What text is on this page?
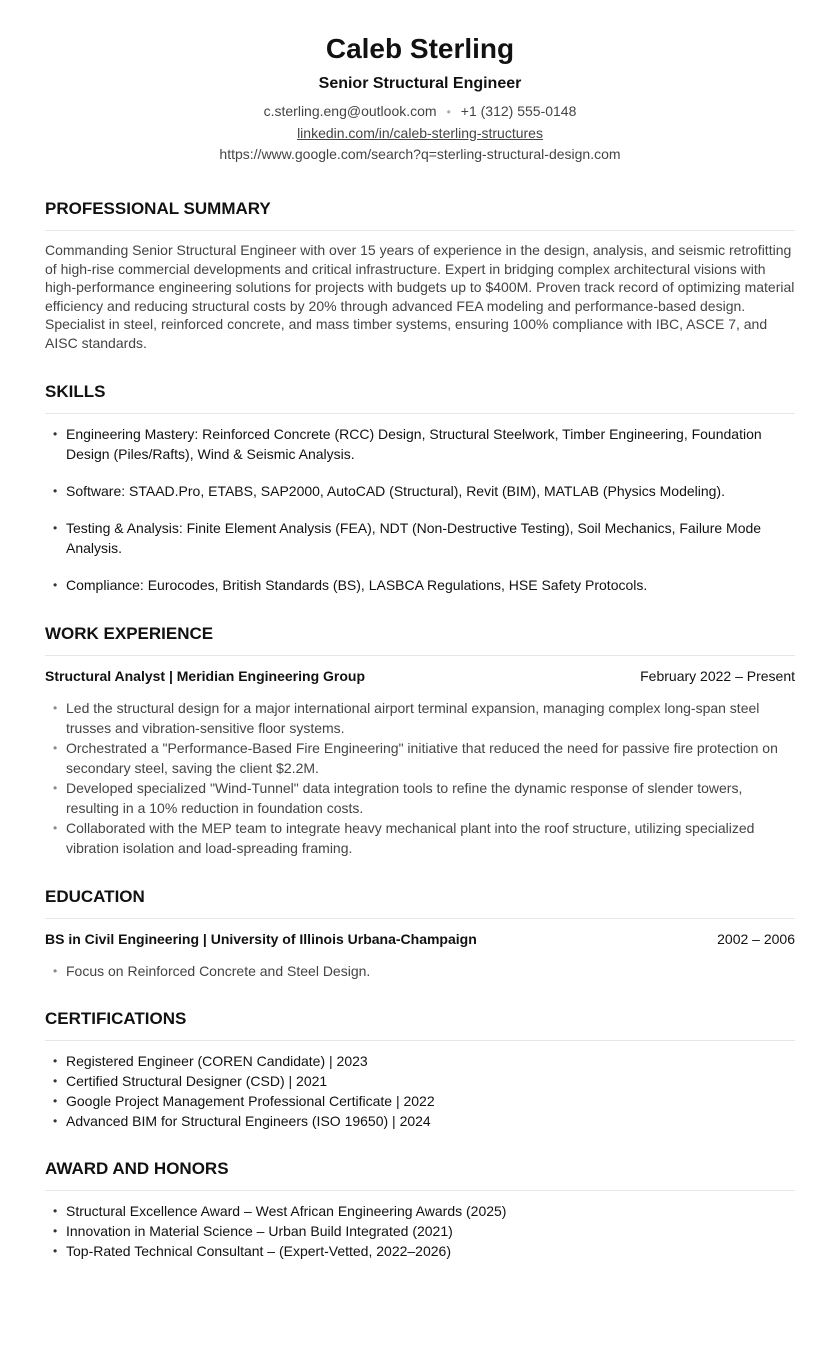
Caleb Sterling
Senior Structural Engineer
c.sterling.eng@outlook.com • +1 (312) 555-0148
linkedin.com/in/caleb-sterling-structures
https://www.google.com/search?q=sterling-structural-design.com
PROFESSIONAL SUMMARY

Commanding Senior Structural Engineer with over 15 years of experience in the design, analysis, and seismic retrofitting of high-rise commercial developments and critical infrastructure. Expert in bridging complex architectural visions with high-performance engineering solutions for projects with budgets up to $400M. Proven track record of optimizing material efficiency and reducing structural costs by 20% through advanced FEA modeling and performance-based design. Specialist in steel, reinforced concrete, and mass timber systems, ensuring 100% compliance with IBC, ASCE 7, and AISC standards.

SKILLS
• Engineering Mastery: Reinforced Concrete (RCC) Design, Structural Steelwork, Timber Engineering, Foundation Design (Piles/Rafts), Wind & Seismic Analysis.
• Software: STAAD.Pro, ETABS, SAP2000, AutoCAD (Structural), Revit (BIM), MATLAB (Physics Modeling).
• Testing & Analysis: Finite Element Analysis (FEA), NDT (Non-Destructive Testing), Soil Mechanics, Failure Mode Analysis.
• Compliance: Eurocodes, British Standards (BS), LASBCA Regulations, HSE Safety Protocols.
WORK EXPERIENCE
Structural Analyst | Meridian Engineering Group	February 2022 – Present
• Led the structural design for a major international airport terminal expansion, managing complex long-span steel trusses and vibration-sensitive floor systems.
• Orchestrated a "Performance-Based Fire Engineering" initiative that reduced the need for passive fire protection on secondary steel, saving the client $2.2M.
• Developed specialized "Wind-Tunnel" data integration tools to refine the dynamic response of slender towers, resulting in a 10% reduction in foundation costs.
• Collaborated with the MEP team to integrate heavy mechanical plant into the roof structure, utilizing specialized vibration isolation and load-spreading framing.
EDUCATION
BS in Civil Engineering | University of Illinois Urbana-Champaign	2002 – 2006
• Focus on Reinforced Concrete and Steel Design.
CERTIFICATIONS
• Registered Engineer (COREN Candidate) | 2023
• Certified Structural Designer (CSD) | 2021
• Google Project Management Professional Certificate | 2022
• Advanced BIM for Structural Engineers (ISO 19650) | 2024
AWARD AND HONORS
• Structural Excellence Award – West African Engineering Awards (2025)
• Innovation in Material Science – Urban Build Integrated (2021)
• Top-Rated Technical Consultant – (Expert-Vetted, 2022–2026)
